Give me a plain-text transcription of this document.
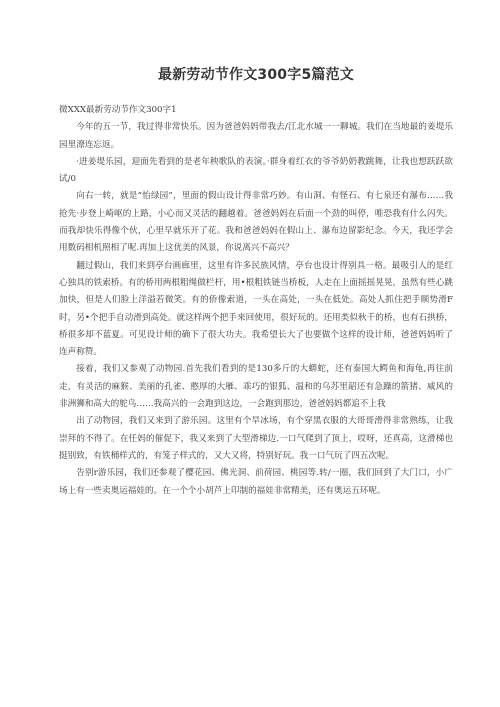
最新劳动节作文300字5篇范文

微XXX最新劳动节作文300字1

今年的五一节，我过得非常快乐。因为爸爸妈妈带我去/江北水城一一聊城。我们在当地最的姜堤乐园里潦连忘返。

·进姜堤乐园，迎面先看到的是老年秧歌队的表演。·群身着红衣的爷爷奶奶教跳舞，让我也想跃跃欲试/0

向右一转，就是“怡绿园”，里面的假山设计得非常巧妙。有山洞、有怪石、有七泉还有瀑布……我抢先·步登上崎岖的上路，小心而又灵活的翻越着。爸爸妈妈在后面一个劲的叫停，唯恐我有什么闪失。而我却快乐得像个伙，心里早就乐开了花。我和爸爸妈妈在假山上、瀑布边留影纪念。今天，我还学会用数码相机照相了呢.再加上这优美的风景，你说离兴不高兴？

翻过假山，我们来到亭台画廊里，这里有许多民族风情，亭台也设计得别具一格。最吸引人的是红心独具的铁索桥。有的桥用两根粗绳做栏杆，用•根粗铁链当桥板，人走在上面摇摇晃晃，虽然有些心跳加快，但是人们脸上洋溢若微笑。有的侨像索道，一头在高处，一头在低处。高处人抓住把手顺势滑F时，另•个把手自动滑到高处。就这样两个把手来回使用，很好玩的。还用类似秋千的桥，也有石拱桥，桥很多却不蓝夏。可见设计师的确下了很大功夫。我希望长大了也要做个这样的设计师，爸爸妈妈听了连声称赞。

接着，我们又参观了动物园.首先我们看到的是130多斤的大蟒蛇，还有泰国大鳄鱼和海龟,再往前走，有灵活的麻猴、美丽的孔雀、憨厚的大雁、乖巧的银狐、温和的乌苏里韶还有急躁的箭猪、威风的非洲狮和高大的鸵鸟……我高兴的一会跑到这边，一会跑到那边，爸爸妈妈都追不上我

出了动物园，我们又来到了游乐园。这里有个旱冰场，有个穿黑衣服的大哥哥滑得非常熟练，让我崇拜的不得了。在任妈的催促下，我又来到了大型滑梯边.一口气爬到了顶上，哎呀，还真高，这滑梯也挺别致，有铁桶样式的，有笼子样式的，又大又将，特别好玩。我一口气玩了四五次呢。

告别r游乐园，我们还参观了樱花园、佛光洞、前荷园、桃园等.转/一圈，我们回到了大门口，小广场上有一些卖奥运福娃的。在一个个小胡芦上印制的福娃非常精美，还有奥运五环呢。
